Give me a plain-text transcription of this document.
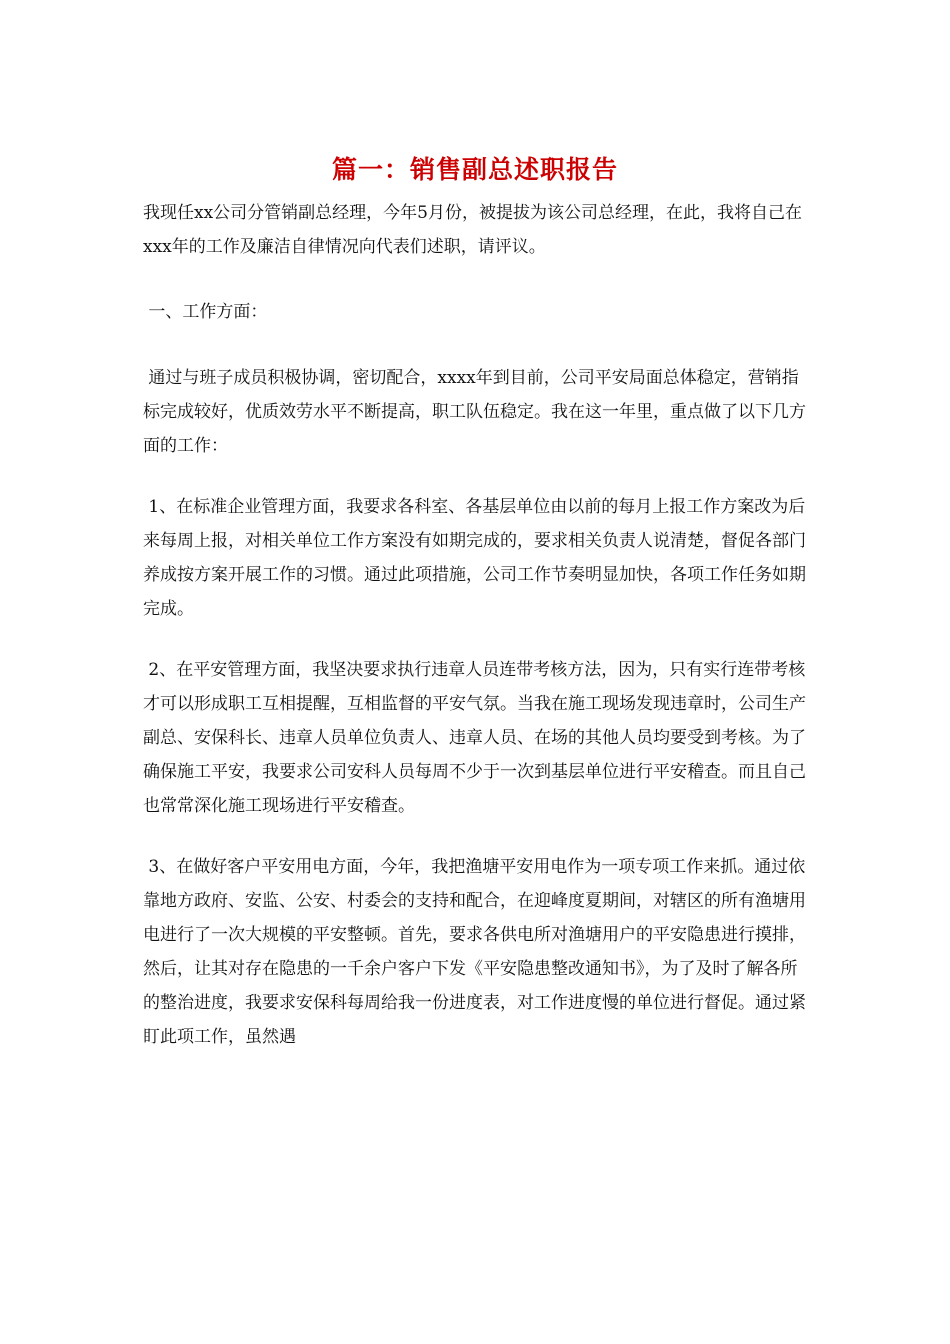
篇一：销售副总述职报告

我现任xx公司分管销副总经理，今年5月份，被提拔为该公司总经理，在此，我将自己在xxx年的工作及廉洁自律情况向代表们述职，请评议。

一、工作方面：

通过与班子成员积极协调，密切配合，xxxx年到目前，公司平安局面总体稳定，营销指标完成较好，优质效劳水平不断提高，职工队伍稳定。我在这一年里，重点做了以下几方面的工作：

1、在标准企业管理方面，我要求各科室、各基层单位由以前的每月上报工作方案改为后来每周上报，对相关单位工作方案没有如期完成的，要求相关负责人说清楚，督促各部门养成按方案开展工作的习惯。通过此项措施，公司工作节奏明显加快，各项工作任务如期完成。

2、在平安管理方面，我坚决要求执行违章人员连带考核方法，因为，只有实行连带考核才可以形成职工互相提醒，互相监督的平安气氛。当我在施工现场发现违章时，公司生产副总、安保科长、违章人员单位负责人、违章人员、在场的其他人员均要受到考核。为了确保施工平安，我要求公司安科人员每周不少于一次到基层单位进行平安稽查。而且自己也常常深化施工现场进行平安稽查。

3、在做好客户平安用电方面，今年，我把渔塘平安用电作为一项专项工作来抓。通过依靠地方政府、安监、公安、村委会的支持和配合，在迎峰度夏期间，对辖区的所有渔塘用电进行了一次大规模的平安整顿。首先，要求各供电所对渔塘用户的平安隐患进行摸排，然后，让其对存在隐患的一千余户客户下发《平安隐患整改通知书》，为了及时了解各所的整治进度，我要求安保科每周给我一份进度表，对工作进度慢的单位进行督促。通过紧盯此项工作，虽然遇
